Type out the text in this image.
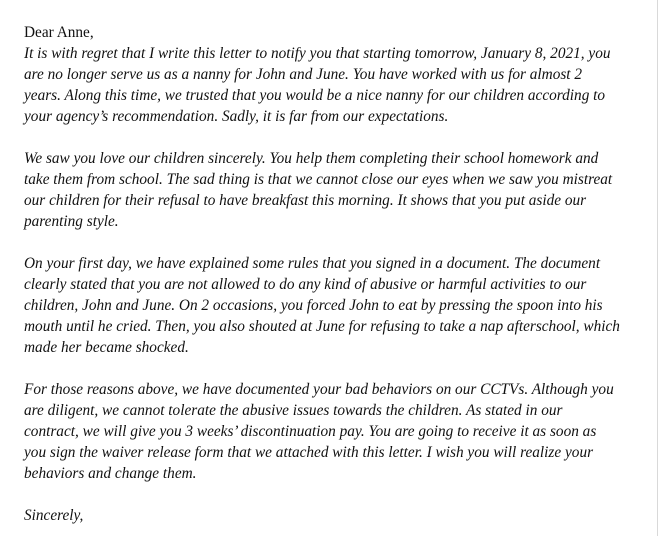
Dear Anne,

It is with regret that I write this letter to notify you that starting tomorrow, January 8, 2021, you
are no longer serve us as a nanny for John and June. You have worked with us for almost 2
years. Along this time, we trusted that you would be a nice nanny for our children according to
your agency’s recommendation. Sadly, it is far from our expectations.

We saw you love our children sincerely. You help them completing their school homework and
take them from school. The sad thing is that we cannot close our eyes when we saw you mistreat
our children for their refusal to have breakfast this morning. It shows that you put aside our
parenting style.

On your first day, we have explained some rules that you signed in a document. The document
clearly stated that you are not allowed to do any kind of abusive or harmful activities to our
children, John and June. On 2 occasions, you forced John to eat by pressing the spoon into his
mouth until he cried. Then, you also shouted at June for refusing to take a nap afterschool, which
made her became shocked.

For those reasons above, we have documented your bad behaviors on our CCTVs. Although you
are diligent, we cannot tolerate the abusive issues towards the children. As stated in our
contract, we will give you 3 weeks’ discontinuation pay. You are going to receive it as soon as
you sign the waiver release form that we attached with this letter. I wish you will realize your
behaviors and change them.

Sincerely,
